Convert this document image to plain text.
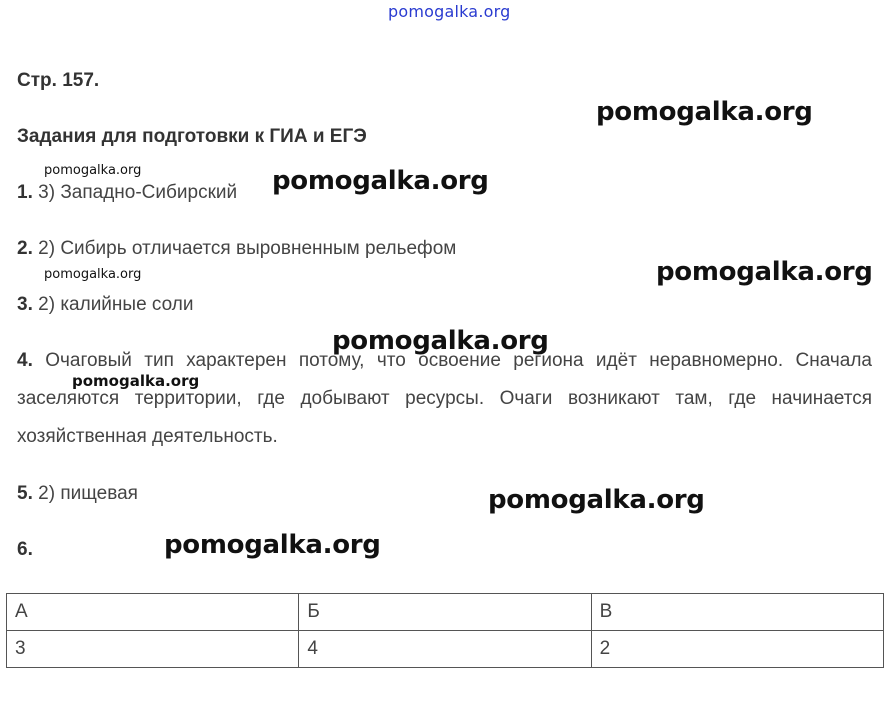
pomogalka.org
Стр. 157.
Задания для подготовки к ГИА и ЕГЭ
1. 3) Западно-Сибирский
2. 2) Сибирь отличается выровненным рельефом
3. 2) калийные соли
4. Очаговый тип характерен потому, что освоение региона идёт неравномерно. Сначала заселяются территории, где добывают ресурсы. Очаги возникают там, где начинается хозяйственная деятельность.
5. 2) пищевая
6.
А	Б	В
3	4	2
pomogalka.org
pomogalka.org	pomogalka.org
pomogalka.org	pomogalka.org
pomogalka.org
pomogalka.org
pomogalka.org
pomogalka.org
